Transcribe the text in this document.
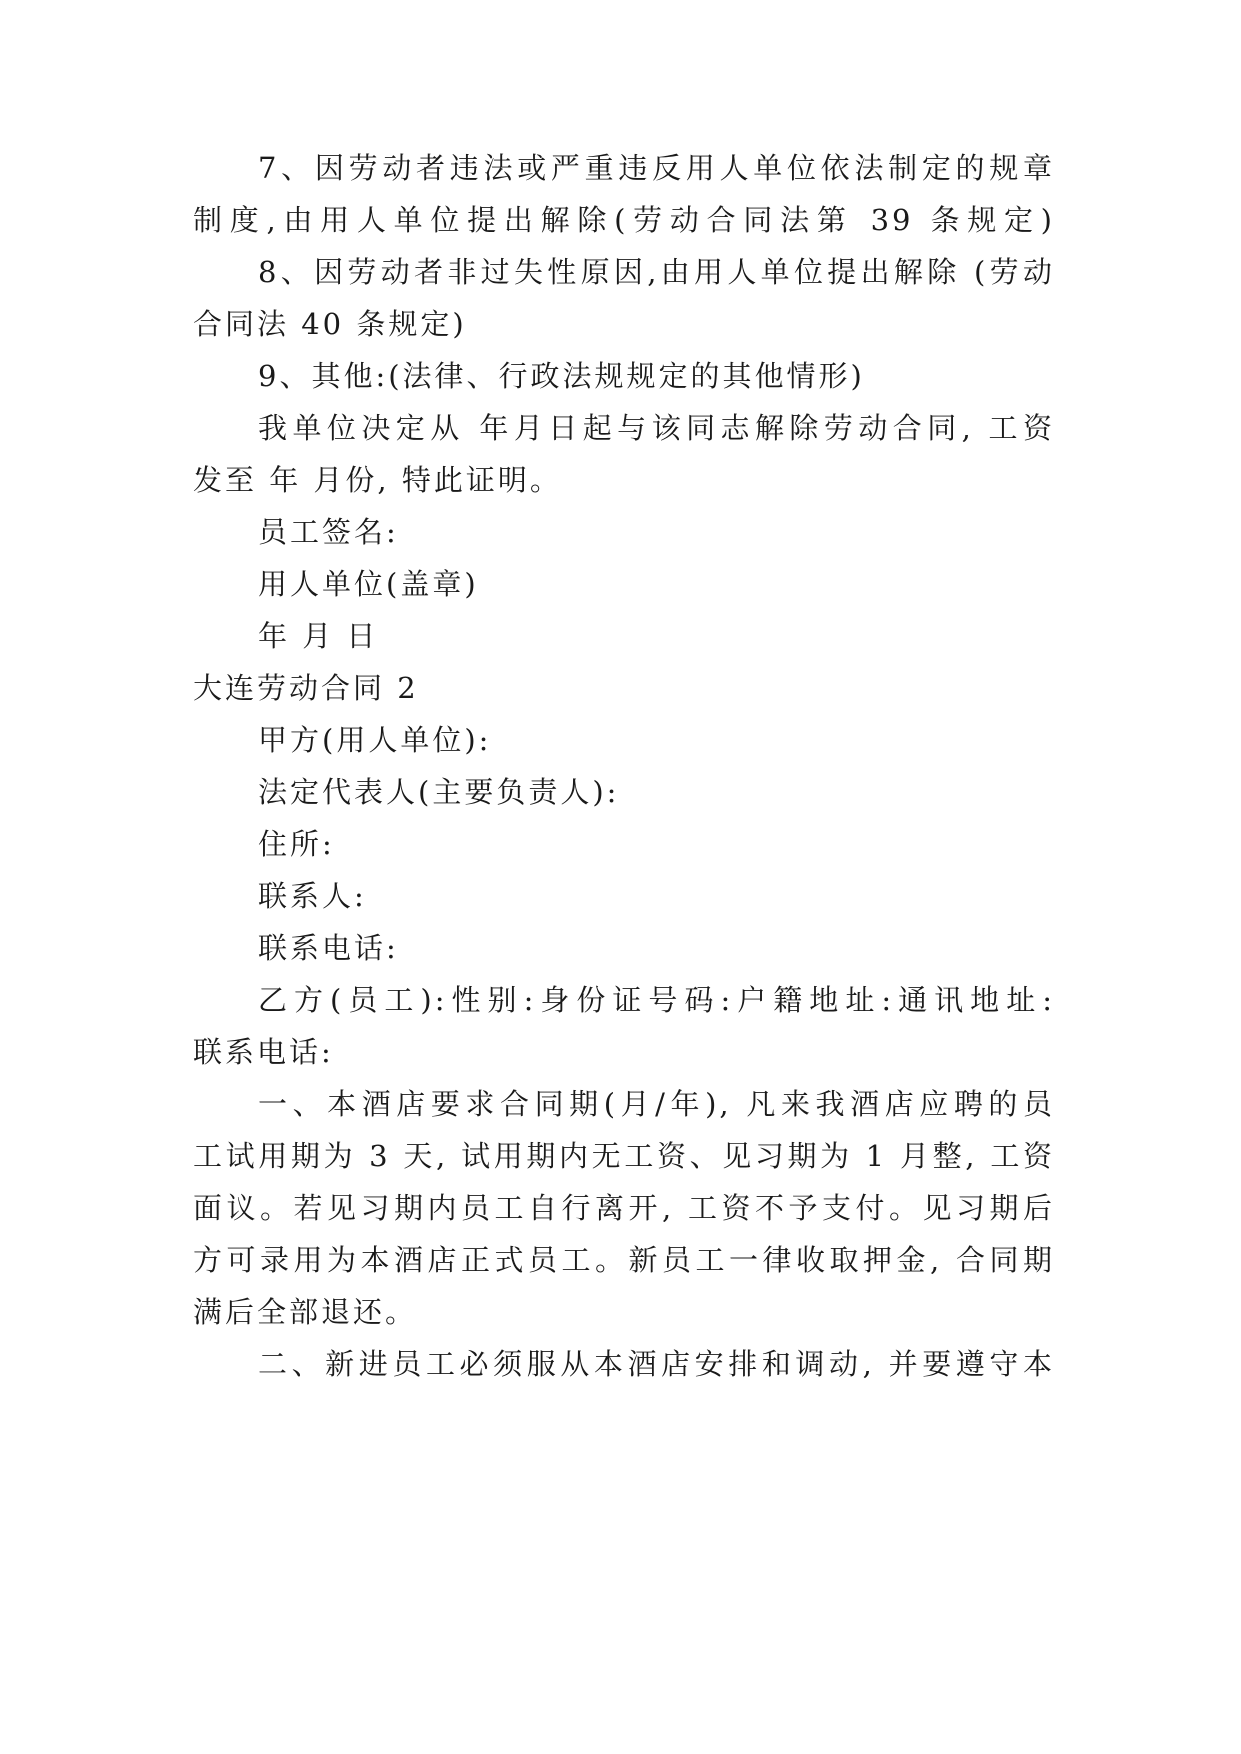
7、因劳动者违法或严重违反用人单位依法制定的规章
制度,由用人单位提出解除(劳动合同法第 39 条规定)
8、因劳动者非过失性原因,由用人单位提出解除 (劳动
合同法 40 条规定)
9、其他:(法律、行政法规规定的其他情形)
我单位决定从 年月日起与该同志解除劳动合同, 工资
发至 年 月份, 特此证明。
员工签名:
用人单位(盖章)
年 月 日
大连劳动合同 2
甲方(用人单位):
法定代表人(主要负责人):
住所:
联系人:
联系电话:
乙方(员工):性别:身份证号码:户籍地址:通讯地址:
联系电话:
一、本酒店要求合同期(月/年), 凡来我酒店应聘的员
工试用期为 3 天, 试用期内无工资、见习期为 1 月整, 工资
面议。若见习期内员工自行离开, 工资不予支付。见习期后
方可录用为本酒店正式员工。新员工一律收取押金, 合同期
满后全部退还。
二、新进员工必须服从本酒店安排和调动, 并要遵守本
